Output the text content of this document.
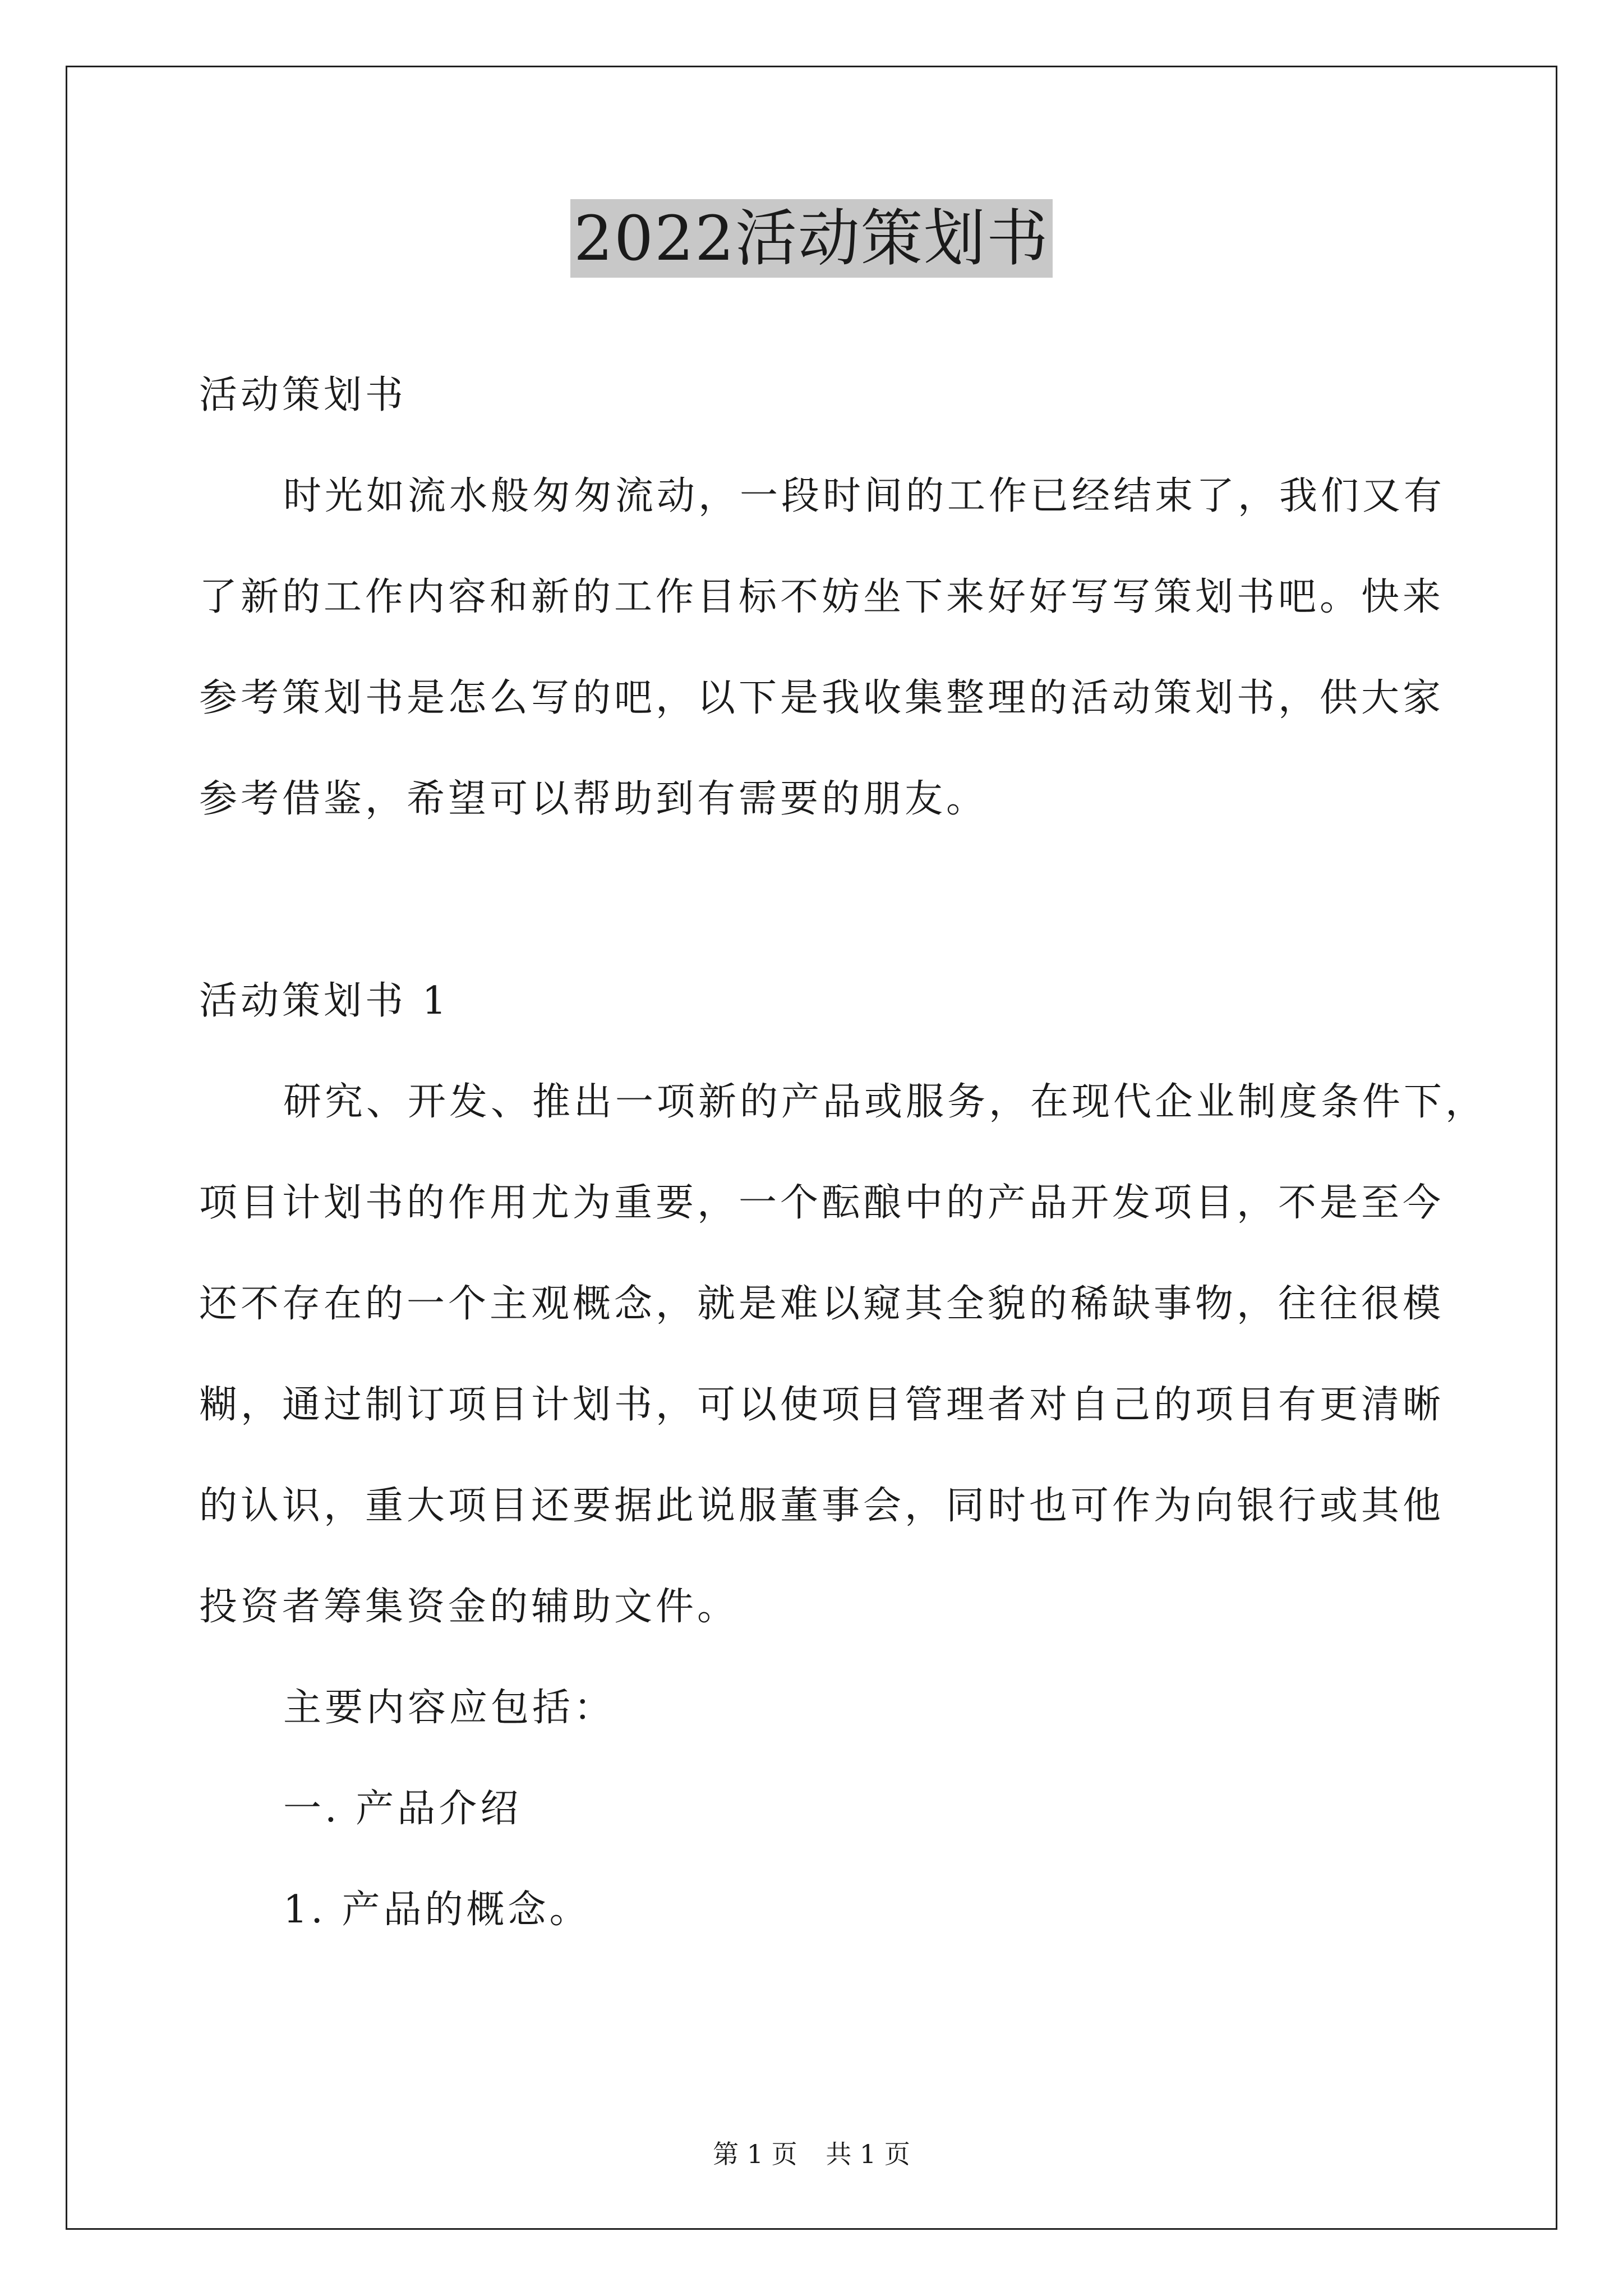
2022活动策划书
活动策划书
时光如流水般匆匆流动，一段时间的工作已经结束了，我们又有
了新的工作内容和新的工作目标不妨坐下来好好写写策划书吧。快来
参考策划书是怎么写的吧，以下是我收集整理的活动策划书，供大家
参考借鉴，希望可以帮助到有需要的朋友。
活动策划书 1
研究、开发、推出一项新的产品或服务，在现代企业制度条件下，
项目计划书的作用尤为重要，一个酝酿中的产品开发项目，不是至今
还不存在的一个主观概念，就是难以窥其全貌的稀缺事物，往往很模
糊，通过制订项目计划书，可以使项目管理者对自己的项目有更清晰
的认识，重大项目还要据此说服董事会，同时也可作为向银行或其他
投资者筹集资金的辅助文件。
主要内容应包括：
一. 产品介绍
1. 产品的概念。
第 1 页 共 1 页
